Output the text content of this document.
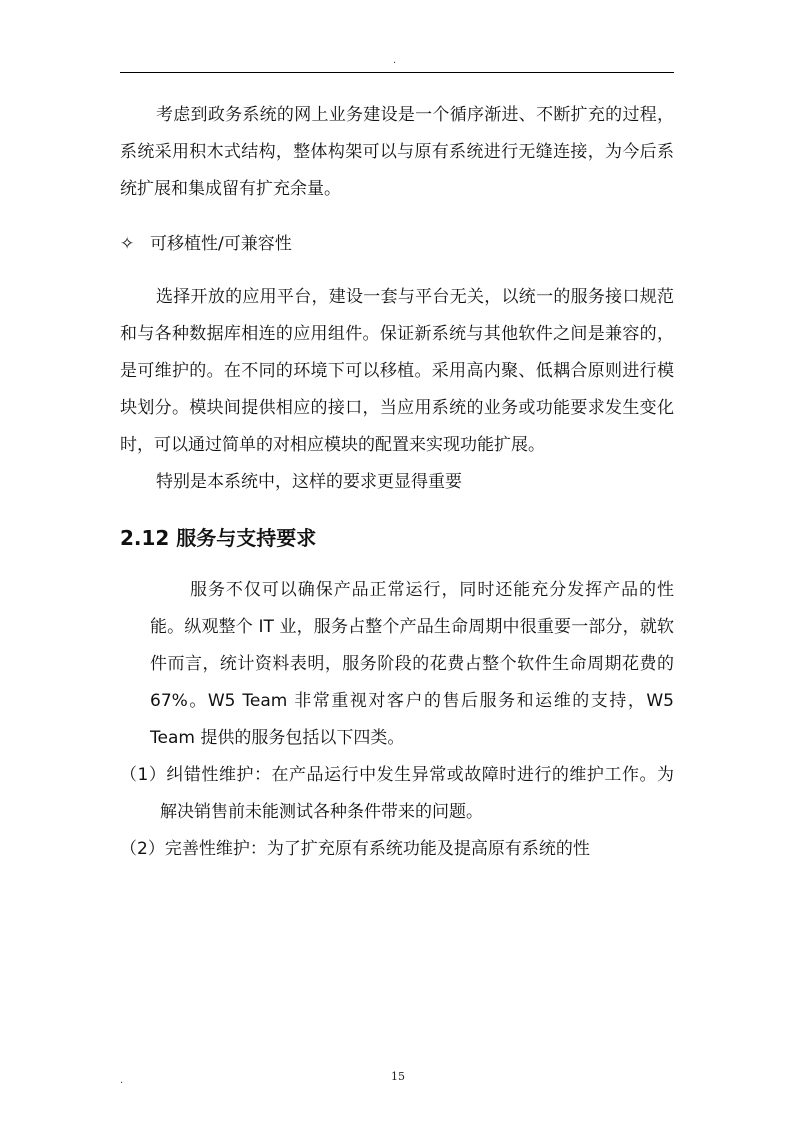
.

考虑到政务系统的网上业务建设是一个循序渐进、不断扩充的过程，系统采用积木式结构，整体构架可以与原有系统进行无缝连接，为今后系统扩展和集成留有扩充余量。

✧ 可移植性/可兼容性

选择开放的应用平台，建设一套与平台无关，以统一的服务接口规范和与各种数据库相连的应用组件。保证新系统与其他软件之间是兼容的，是可维护的。在不同的环境下可以移植。采用高内聚、低耦合原则进行模块划分。模块间提供相应的接口，当应用系统的业务或功能要求发生变化时，可以通过简单的对相应模块的配置来实现功能扩展。

特别是本系统中，这样的要求更显得重要

2.12 服务与支持要求

服务不仅可以确保产品正常运行，同时还能充分发挥产品的性能。纵观整个 IT 业，服务占整个产品生命周期中很重要一部分，就软件而言，统计资料表明，服务阶段的花费占整个软件生命周期花费的 67%。W5 Team 非常重视对客户的售后服务和运维的支持，W5 Team 提供的服务包括以下四类。

（1）纠错性维护：在产品运行中发生异常或故障时进行的维护工作。为解决销售前未能测试各种条件带来的问题。

（2）完善性维护：为了扩充原有系统功能及提高原有系统的性

.	15
